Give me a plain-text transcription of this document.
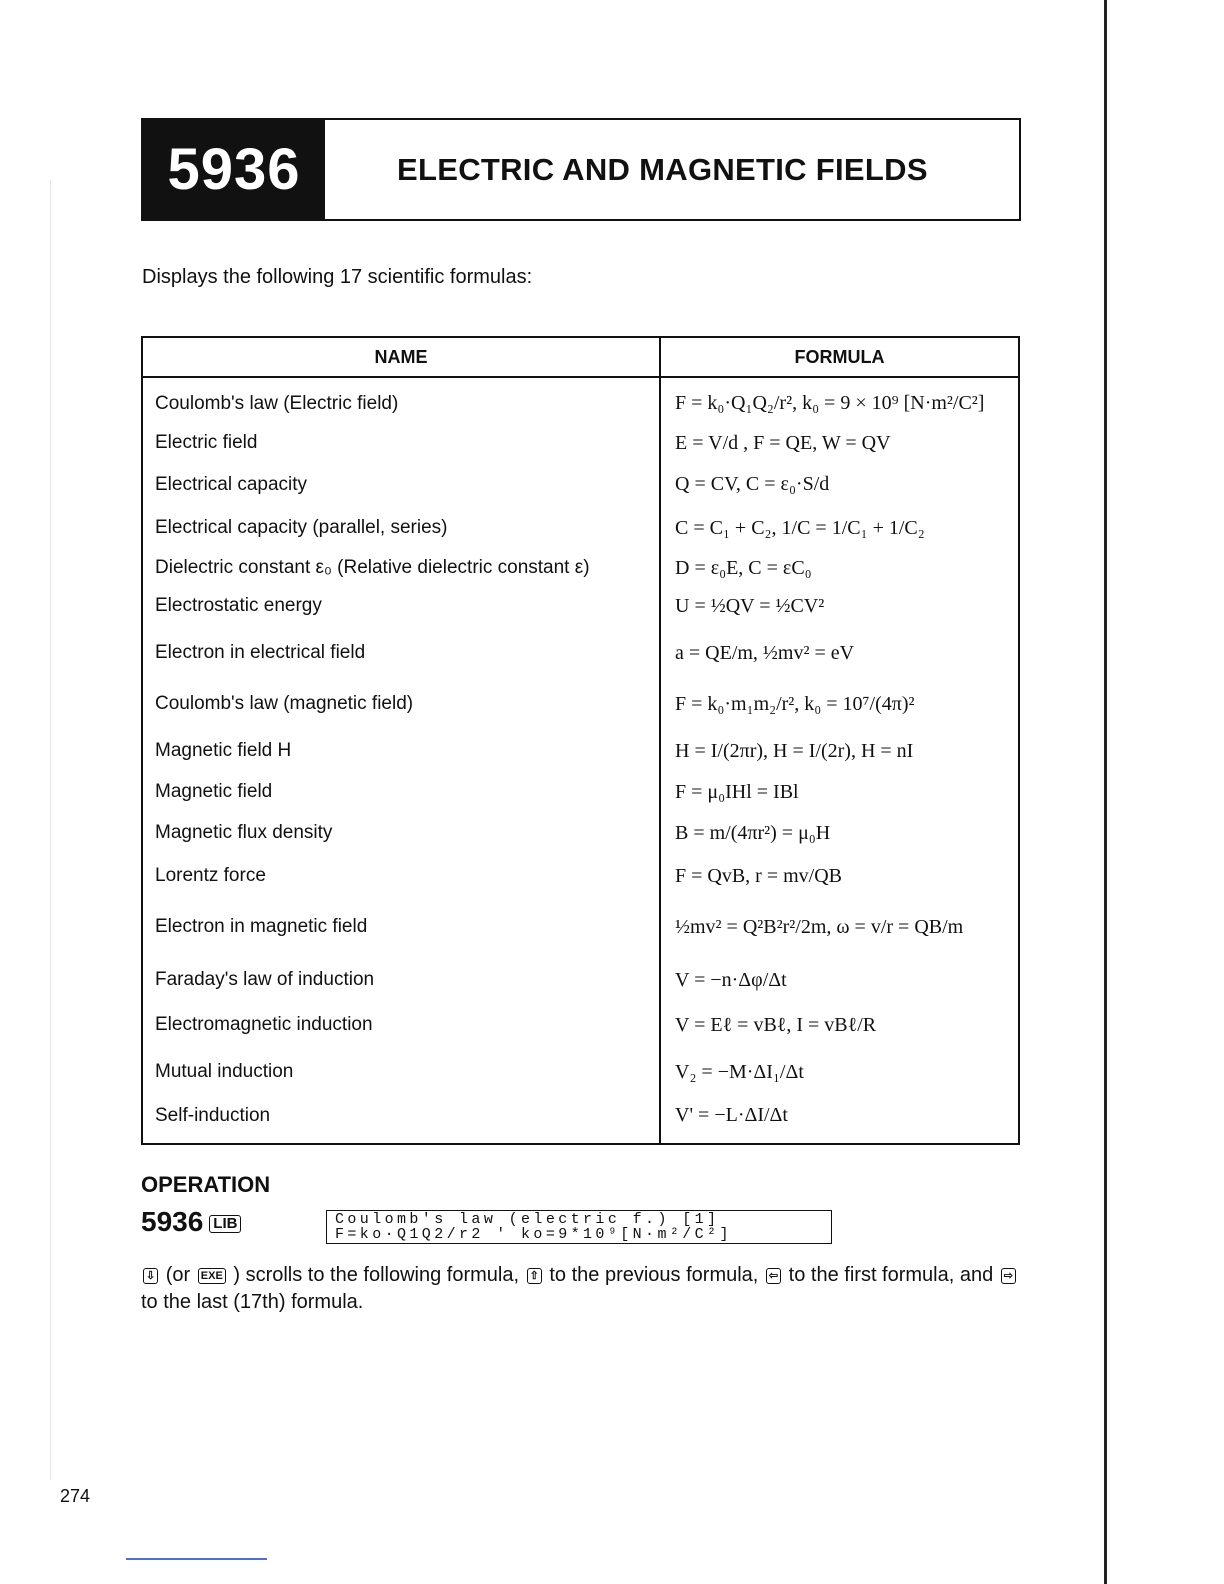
5936	ELECTRIC AND MAGNETIC FIELDS
Displays the following 17 scientific formulas:
NAME	FORMULA
Coulomb's law (Electric field)	F = k₀·Q₁Q₂/r², k₀ = 9 × 10⁹ [N·m²/C²]
Electric field	E = V/d , F = QE, W = QV
Electrical capacity	Q = CV, C = ε₀·S/d
Electrical capacity (parallel, series)	C = C₁ + C₂, 1/C = 1/C₁ + 1/C₂
Dielectric constant ε₀ (Relative dielectric constant ε)	D = ε₀E, C = εC₀
Electrostatic energy	U = ½QV = ½CV²
Electron in electrical field	a = QE/m, ½mv² = eV
Coulomb's law (magnetic field)	F = k₀·m₁m₂/r², k₀ = 10⁷/(4π)²
Magnetic field H	H = I/(2πr), H = I/(2r), H = nI
Magnetic field	F = μ₀IHl = IBl
Magnetic flux density	B = m/(4πr²) = μ₀H
Lorentz force	F = QvB, r = mv/QB
Electron in magnetic field	½mv² = Q²B²r²/2m, ω = v/r = QB/m
Faraday's law of induction	V = −n·Δφ/Δt
Electromagnetic induction	V = Eℓ = vBℓ, I = vBℓ/R
Mutual induction	V₂ = −M·ΔI₁/Δt
Self-induction	V' = −L·ΔI/Δt
OPERATION
5936 LIB	Coulomb's law (electric f.) [1]
F=ko·Q1Q2/r2 ' ko=9*10⁹[N·m²/C²]
⇩ (or EXE ) scrolls to the following formula, ⇧ to the previous formula, ⇦ to the first formula, and ⇨ to the last (17th) formula.
274
